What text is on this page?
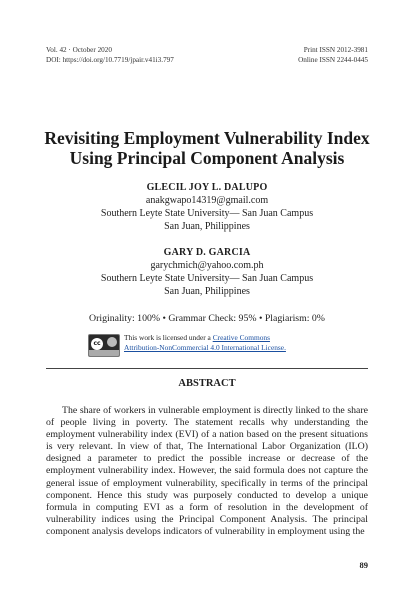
Vol. 42 · October 2020
DOI: https://doi.org/10.7719/jpair.v41i3.797
Print ISSN 2012-3981
Online ISSN 2244-0445
Revisiting Employment Vulnerability Index
Using Principal Component Analysis
GLECIL JOY L. DALUPO
anakgwapo14319@gmail.com
Southern Leyte State University— San Juan Campus
San Juan, Philippines
GARY D. GARCIA
garychmich@yahoo.com.ph
Southern Leyte State University— San Juan Campus
San Juan, Philippines
Originality: 100% • Grammar Check: 95% • Plagiarism: 0%
cc
This work is licensed under a Creative Commons
Attribution-NonCommercial 4.0 International License.
ABSTRACT

The share of workers in vulnerable employment is directly linked to the share of people living in poverty. The statement recalls why understanding the employment vulnerability index (EVI) of a nation based on the present situations is very relevant. In view of that, The International Labor Organization (ILO) designed a parameter to predict the possible increase or decrease of the employment vulnerability index. However, the said formula does not capture the general issue of employment vulnerability, specifically in terms of the principal component. Hence this study was purposely conducted to develop a unique formula in computing EVI as a form of resolution in the development of vulnerability indices using the Principal Component Analysis. The principal component analysis develops indicators of vulnerability in employment using the

89
